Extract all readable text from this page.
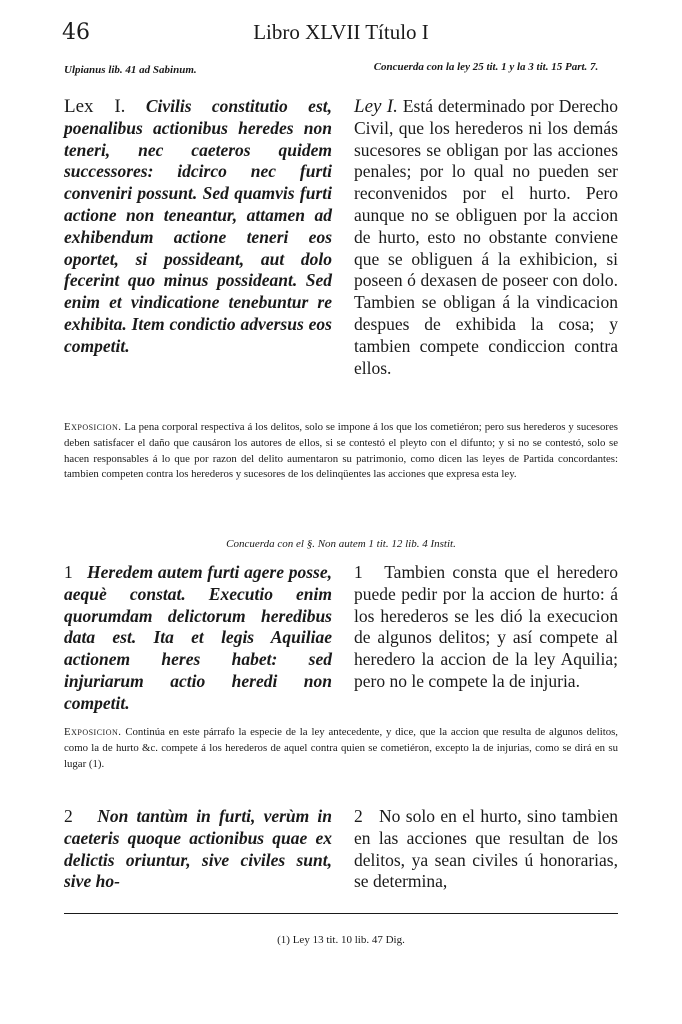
46	Libro XLVII Título I
Ulpianus lib. 41 ad Sabinum.	Concuerda con la ley 25 tit. 1 y la 3 tit. 15 Part. 7.
Lex I. Civilis constitutio est, poenalibus actionibus heredes non teneri, nec caeteros quidem successores: idcirco nec furti conveniri possunt. Sed quamvis furti actione non teneantur, attamen ad exhibendum actione teneri eos oportet, si possideant, aut dolo fecerint quo minus possideant. Sed enim et vindicatione tenebuntur re exhibita. Item condictio adversus eos competit.
Ley I. Está determinado por Derecho Civil, que los herederos ni los demás sucesores se obligan por las acciones penales; por lo qual no pueden ser reconvenidos por el hurto. Pero aunque no se obliguen por la accion de hurto, esto no obstante conviene que se obliguen á la exhibicion, si poseen ó dexasen de poseer con dolo. Tambien se obligan á la vindicacion despues de exhibida la cosa; y tambien compete condiccion contra ellos.
Exposicion. La pena corporal respectiva á los delitos, solo se impone á los que los cometiéron; pero sus herederos y sucesores deben satisfacer el daño que causáron los autores de ellos, si se contestó el pleyto con el difunto; y si no se contestó, solo se hacen responsables á lo que por razon del delito aumentaron su patrimonio, como dicen las leyes de Partida concordantes: tambien competen contra los herederos y sucesores de los delinqüentes las acciones que expresa esta ley.
Concuerda con el §. Non autem 1 tit. 12 lib. 4 Instit.
1 Heredem autem furti agere posse, aequè constat. Executio enim quorumdam delictorum heredibus data est. Ita et legis Aquiliae actionem heres habet: sed injuriarum actio heredi non competit.
1 Tambien consta que el heredero puede pedir por la accion de hurto: á los herederos se les dió la execucion de algunos delitos; y así compete al heredero la accion de la ley Aquilia; pero no le compete la de injuria.
Exposicion. Continúa en este párrafo la especie de la ley antecedente, y dice, que la accion que resulta de algunos delitos, como la de hurto &c. compete á los herederos de aquel contra quien se cometiéron, excepto la de injurias, como se dirá en su lugar (1).
2 Non tantùm in furti, verùm in caeteris quoque actionibus quae ex delictis oriuntur, sive civiles sunt, sive ho-
2 No solo en el hurto, sino tambien en las acciones que resultan de los delitos, ya sean civiles ú honorarias, se determina,
(1) Ley 13 tit. 10 lib. 47 Dig.
